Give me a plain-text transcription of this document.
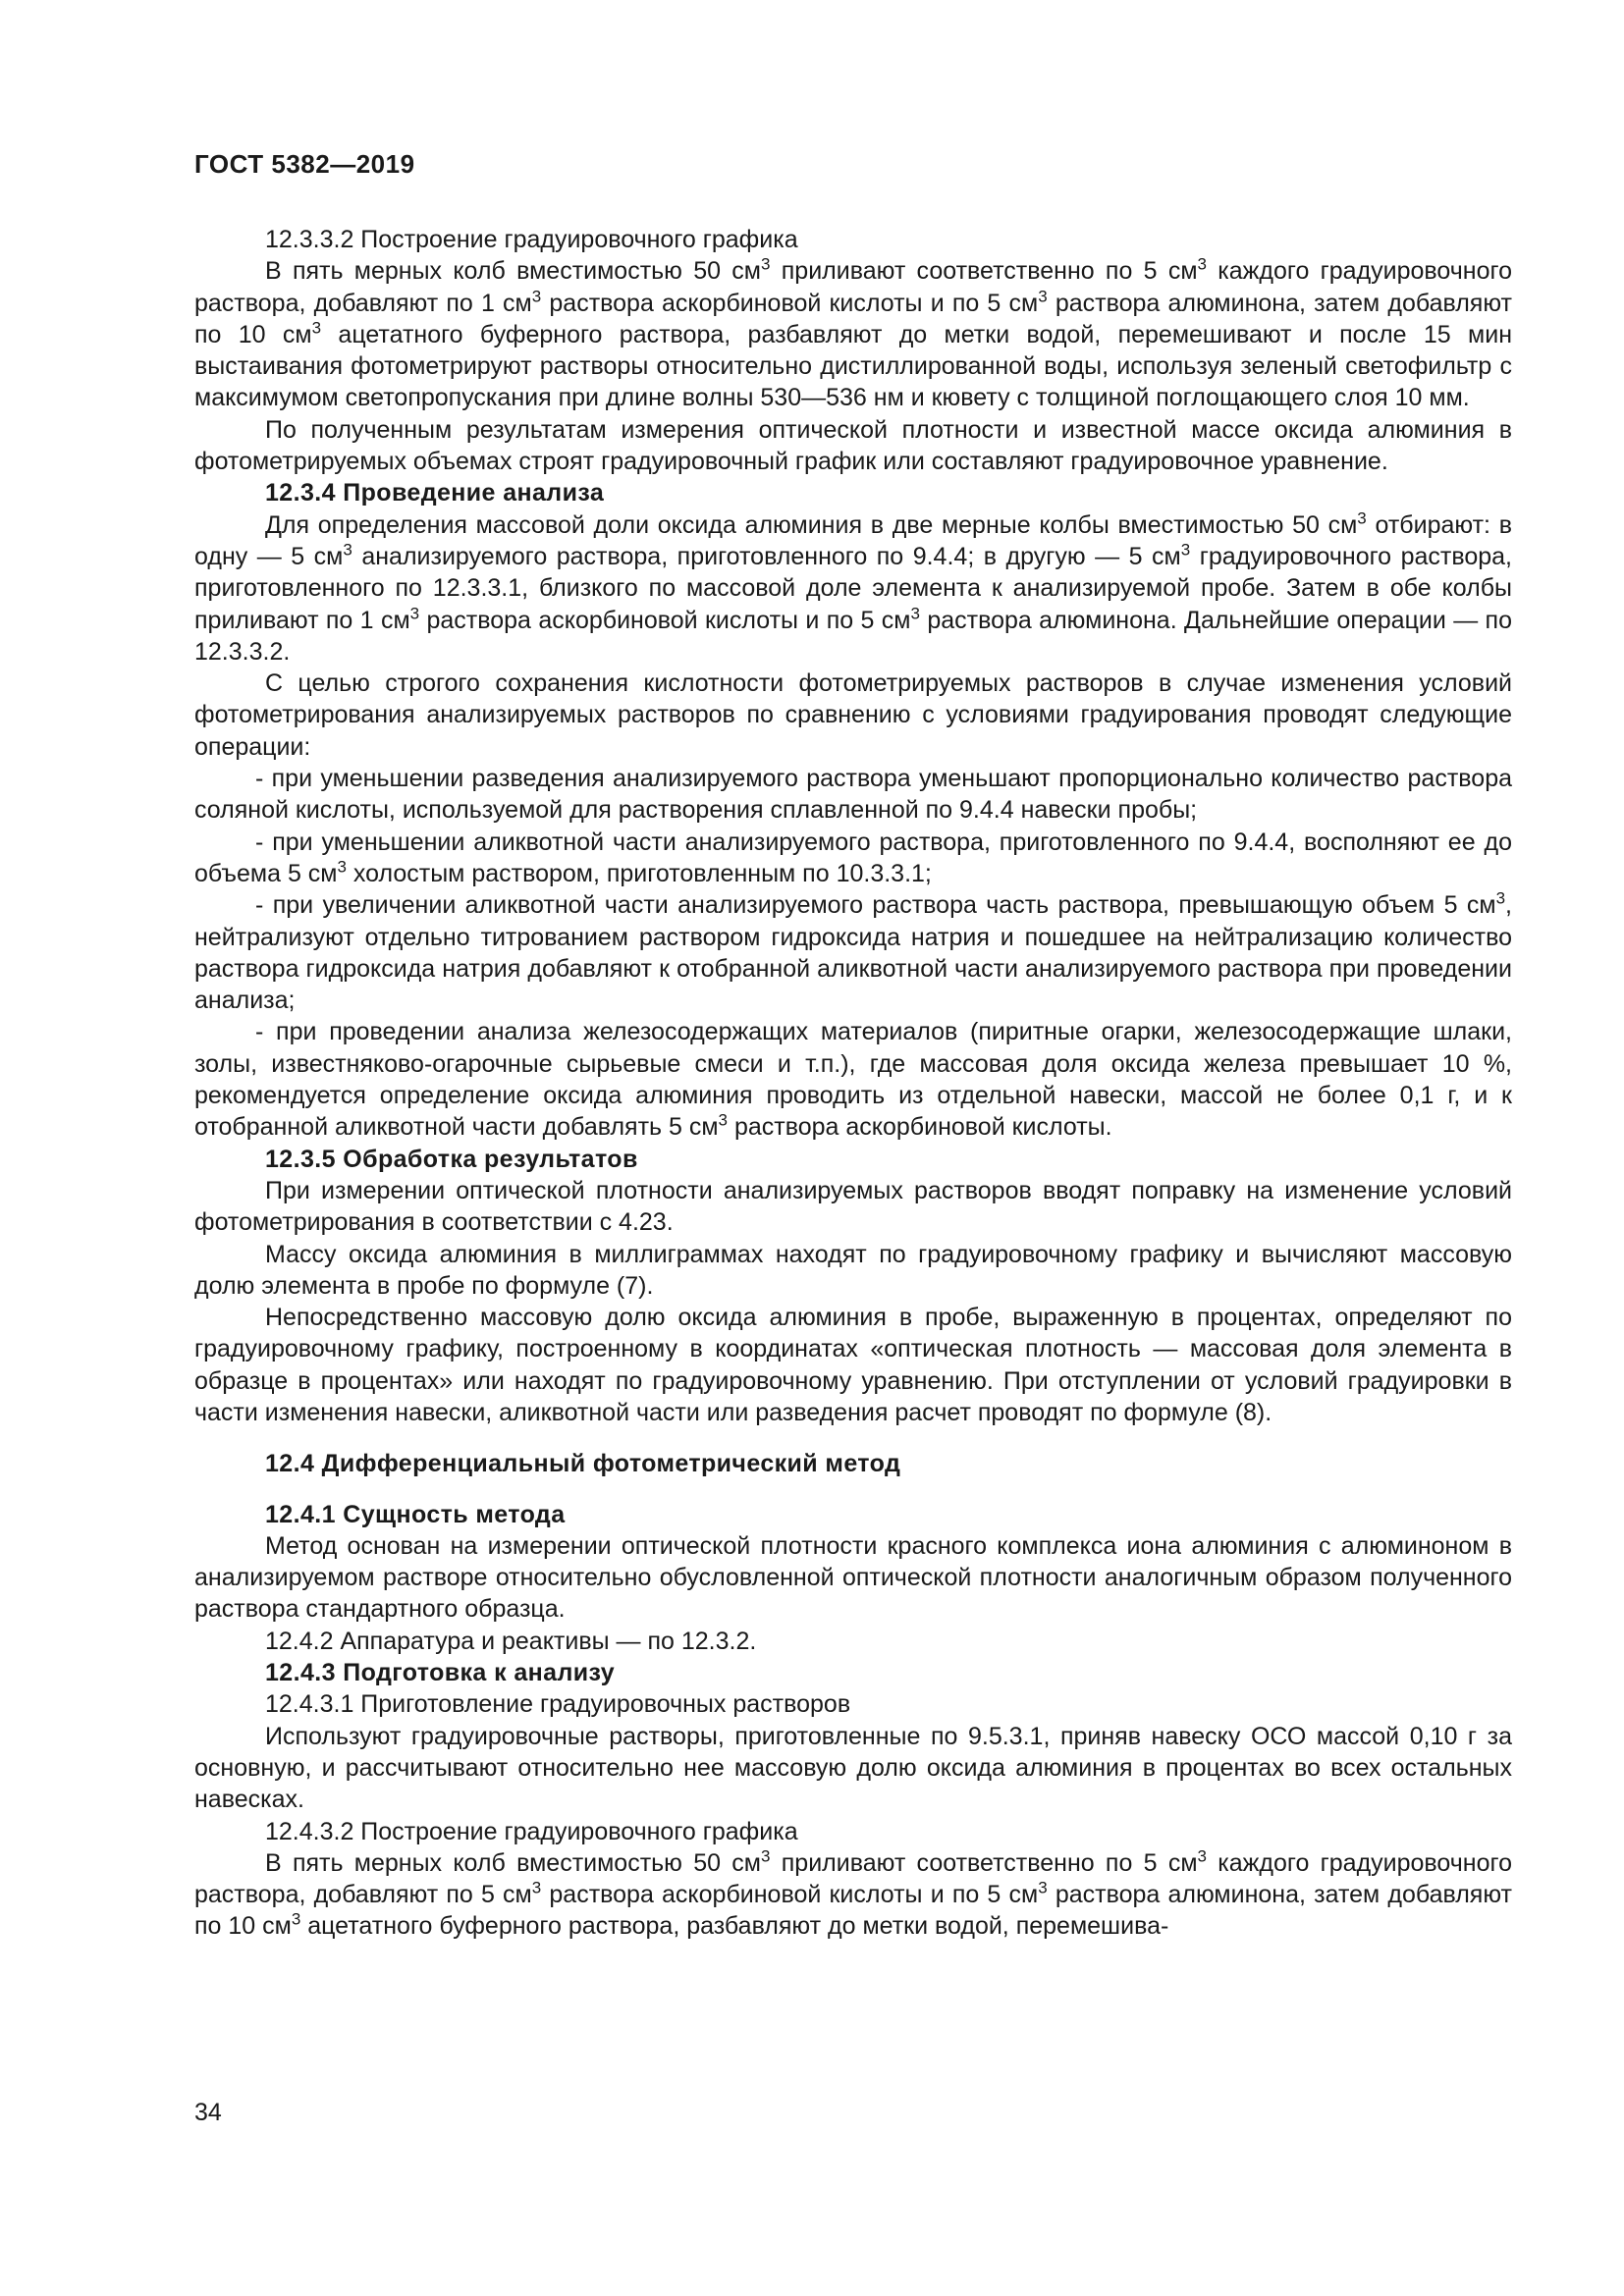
ГОСТ 5382—2019

12.3.3.2 Построение градуировочного графика

В пять мерных колб вместимостью 50 $см^3$ приливают соответственно по 5 $см^3$ каждого градуировочного раствора, добавляют по 1 $см^3$ раствора аскорбиновой кислоты и по 5 $см^3$ раствора алюминона, затем добавляют по 10 $см^3$ ацетатного буферного раствора, разбавляют до метки водой, перемешивают и после 15 мин выстаивания фотометрируют растворы относительно дистиллированной воды, используя зеленый светофильтр с максимумом светопропускания при длине волны 530—536 нм и кювету с толщиной поглощающего слоя 10 мм.

По полученным результатам измерения оптической плотности и известной массе оксида алюминия в фотометрируемых объемах строят градуировочный график или составляют градуировочное уравнение.

12.3.4 Проведение анализа

Для определения массовой доли оксида алюминия в две мерные колбы вместимостью 50 $см^3$ отбирают: в одну — 5 $см^3$ анализируемого раствора, приготовленного по 9.4.4; в другую — 5 $см^3$ градуировочного раствора, приготовленного по 12.3.3.1, близкого по массовой доле элемента к анализируемой пробе. Затем в обе колбы приливают по 1 $см^3$ раствора аскорбиновой кислоты и по 5 $см^3$ раствора алюминона. Дальнейшие операции — по 12.3.3.2.

С целью строгого сохранения кислотности фотометрируемых растворов в случае изменения условий фотометрирования анализируемых растворов по сравнению с условиями градуирования проводят следующие операции:

- при уменьшении разведения анализируемого раствора уменьшают пропорционально количество раствора соляной кислоты, используемой для растворения сплавленной по 9.4.4 навески пробы;

- при уменьшении аликвотной части анализируемого раствора, приготовленного по 9.4.4, восполняют ее до объема 5 $см^3$ холостым раствором, приготовленным по 10.3.3.1;

- при увеличении аликвотной части анализируемого раствора часть раствора, превышающую объем 5 $см^3$, нейтрализуют отдельно титрованием раствором гидроксида натрия и пошедшее на нейтрализацию количество раствора гидроксида натрия добавляют к отобранной аликвотной части анализируемого раствора при проведении анализа;

- при проведении анализа железосодержащих материалов (пиритные огарки, железосодержащие шлаки, золы, известняково-огарочные сырьевые смеси и т.п.), где массовая доля оксида железа превышает 10 %, рекомендуется определение оксида алюминия проводить из отдельной навески, массой не более 0,1 г, и к отобранной аликвотной части добавлять 5 $см^3$ раствора аскорбиновой кислоты.

12.3.5 Обработка результатов

При измерении оптической плотности анализируемых растворов вводят поправку на изменение условий фотометрирования в соответствии с 4.23.

Массу оксида алюминия в миллиграммах находят по градуировочному графику и вычисляют массовую долю элемента в пробе по формуле (7).

Непосредственно массовую долю оксида алюминия в пробе, выраженную в процентах, определяют по градуировочному графику, построенному в координатах «оптическая плотность — массовая доля элемента в образце в процентах» или находят по градуировочному уравнению. При отступлении от условий градуировки в части изменения навески, аликвотной части или разведения расчет проводят по формуле (8).

12.4 Дифференциальный фотометрический метод

12.4.1 Сущность метода

Метод основан на измерении оптической плотности красного комплекса иона алюминия с алюминоном в анализируемом растворе относительно обусловленной оптической плотности аналогичным образом полученного раствора стандартного образца.

12.4.2 Аппаратура и реактивы — по 12.3.2.

12.4.3 Подготовка к анализу

12.4.3.1 Приготовление градуировочных растворов

Используют градуировочные растворы, приготовленные по 9.5.3.1, приняв навеску ОСО массой 0,10 г за основную, и рассчитывают относительно нее массовую долю оксида алюминия в процентах во всех остальных навесках.

12.4.3.2 Построение градуировочного графика

В пять мерных колб вместимостью 50 $см^3$ приливают соответственно по 5 $см^3$ каждого градуировочного раствора, добавляют по 5 $см^3$ раствора аскорбиновой кислоты и по 5 $см^3$ раствора алюминона, затем добавляют по 10 $см^3$ ацетатного буферного раствора, разбавляют до метки водой, перемешива-

34
